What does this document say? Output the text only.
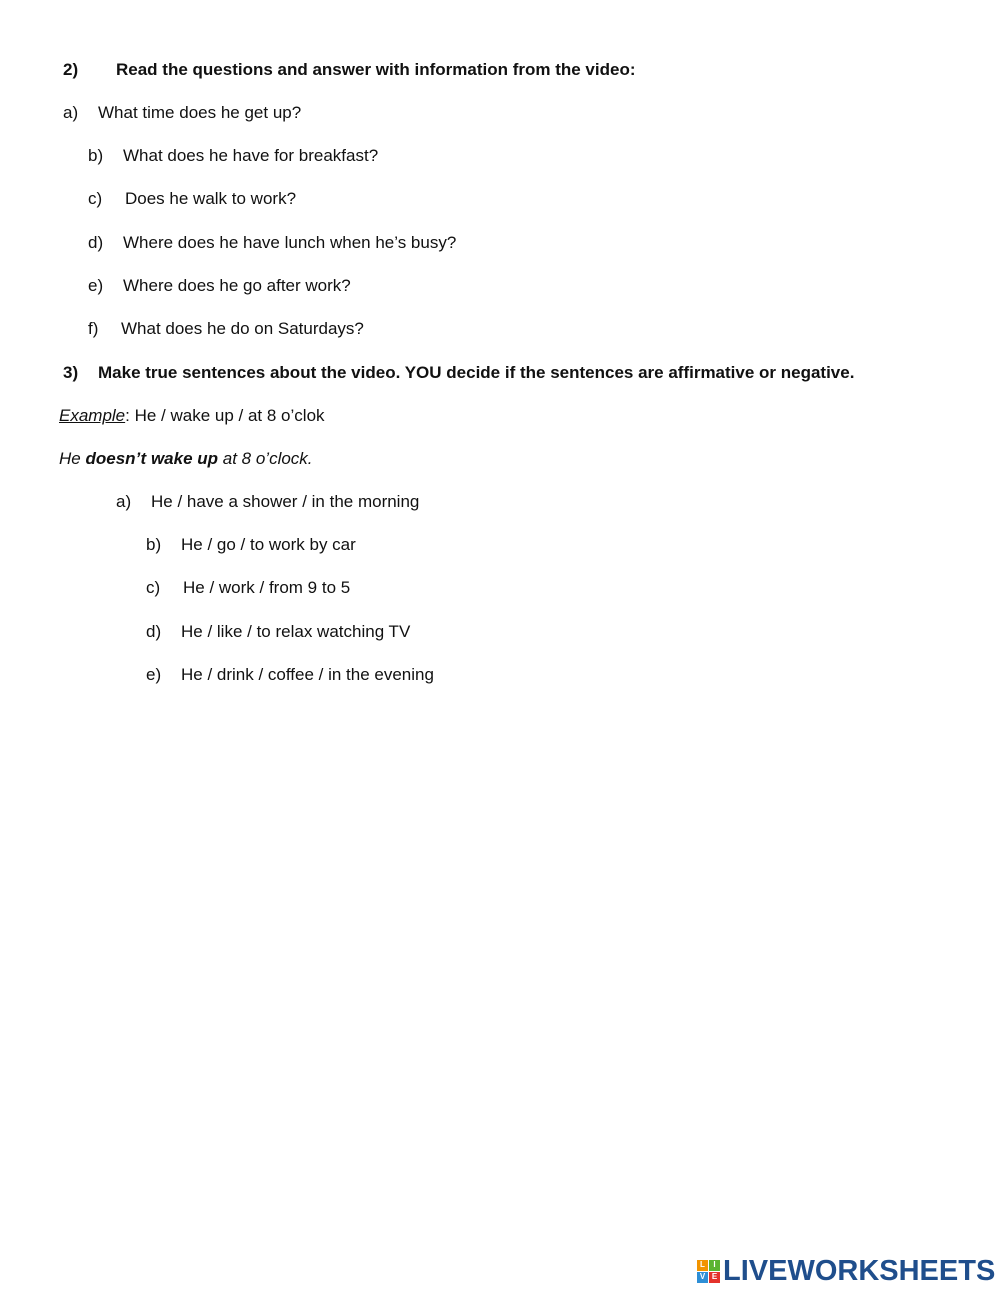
2) Read the questions and answer with information from the video:
a) What time does he get up?
b) What does he have for breakfast?
c) Does he walk to work?
d) Where does he have lunch when he’s busy?
e) Where does he go after work?
f) What does he do on Saturdays?
3) Make true sentences about the video. YOU decide if the sentences are affirmative or negative.
Example: He / wake up / at 8 o’clok
He doesn’t wake up at 8 o’clock.
a) He / have a shower / in the morning
b) He / go / to work by car
c) He / work / from 9 to 5
d) He / like / to relax watching TV
e) He / drink / coffee / in the evening
L	I
V E LIVEWORKSHEETS
